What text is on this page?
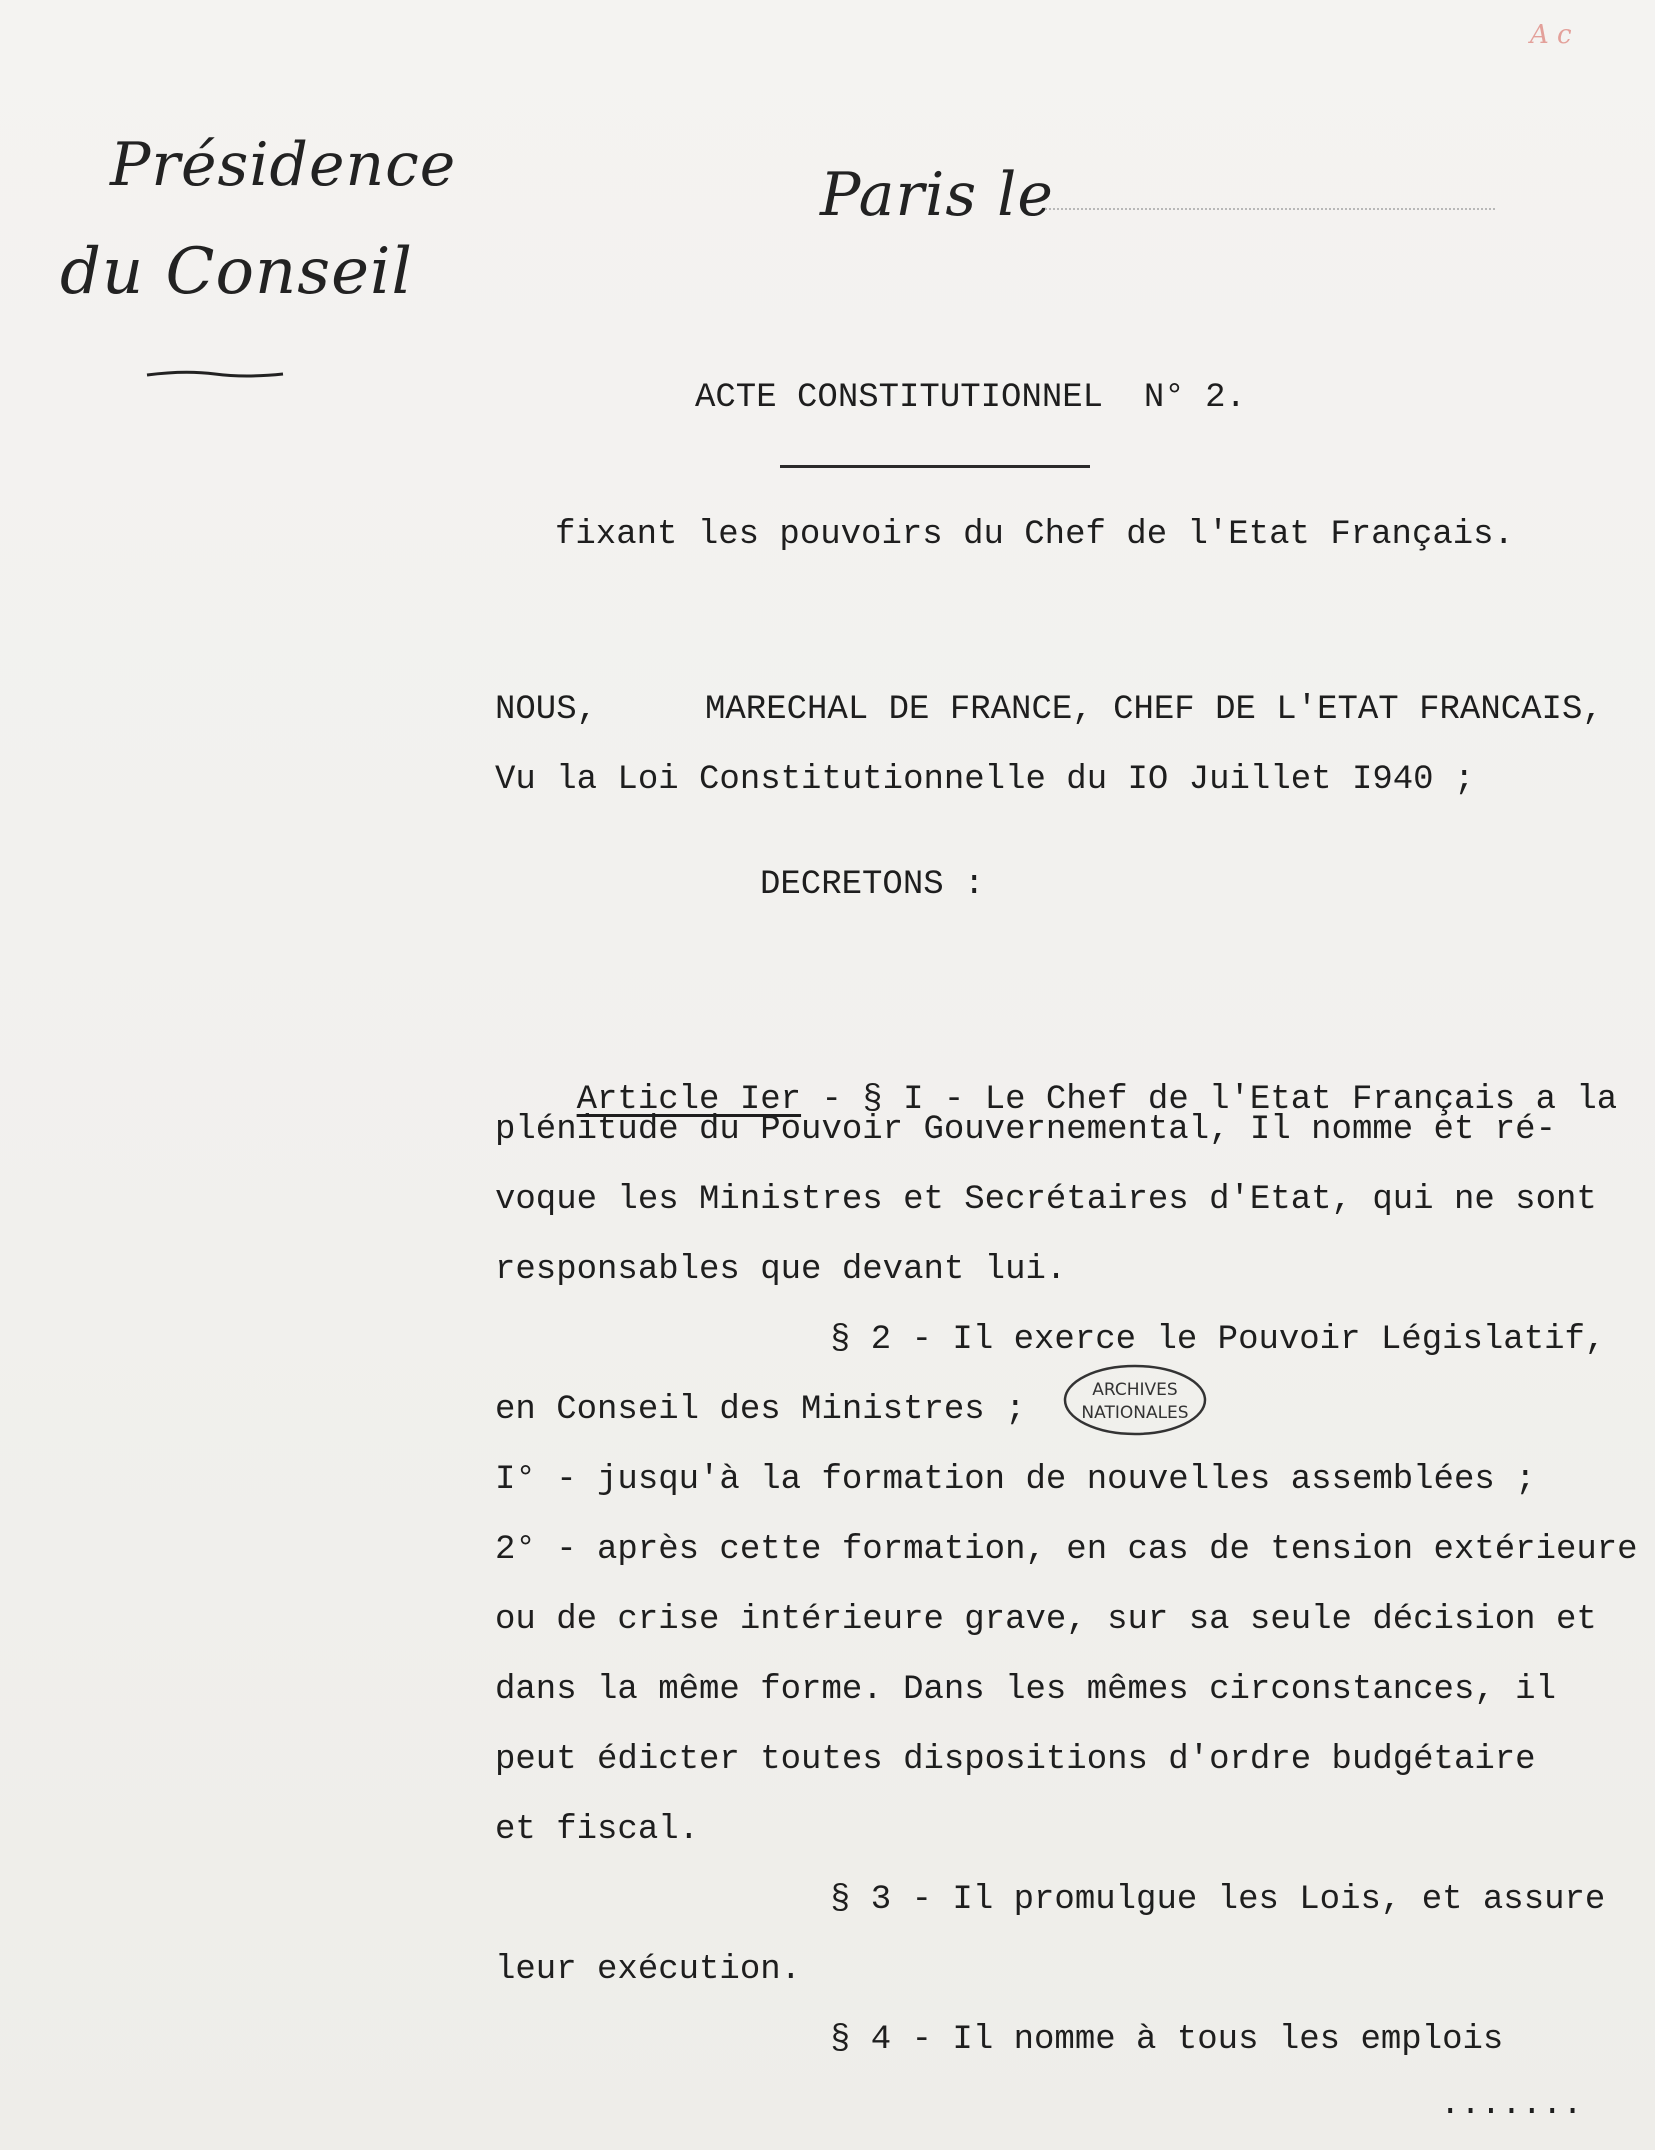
A c
Présidence
du Conseil
Paris le
ACTE CONSTITUTIONNEL  N° 2.
fixant les pouvoirs du Chef de l'Etat Français.
NOUS,	MARECHAL DE FRANCE, CHEF DE L'ETAT FRANCAIS,
Vu la Loi Constitutionnelle du IO Juillet I940 ;
DECRETONS :

Article Ier - § I - Le Chef de l'Etat Français a la

plénitude du Pouvoir Gouvernemental, Il nomme et ré-
voque les Ministres et Secrétaires d'Etat, qui ne sont
responsables que devant lui.
§ 2 - Il exerce le Pouvoir Législatif,
en Conseil des Ministres ;
ARCHIVES
NATIONALES
I° - jusqu'à la formation de nouvelles assemblées ;
2° - après cette formation, en cas de tension extérieure
ou de crise intérieure grave, sur sa seule décision et
dans la même forme. Dans les mêmes circonstances, il
peut édicter toutes dispositions d'ordre budgétaire
et fiscal.
§ 3 - Il promulgue les Lois, et assure
leur exécution.
§ 4 - Il nomme à tous les emplois
.......
